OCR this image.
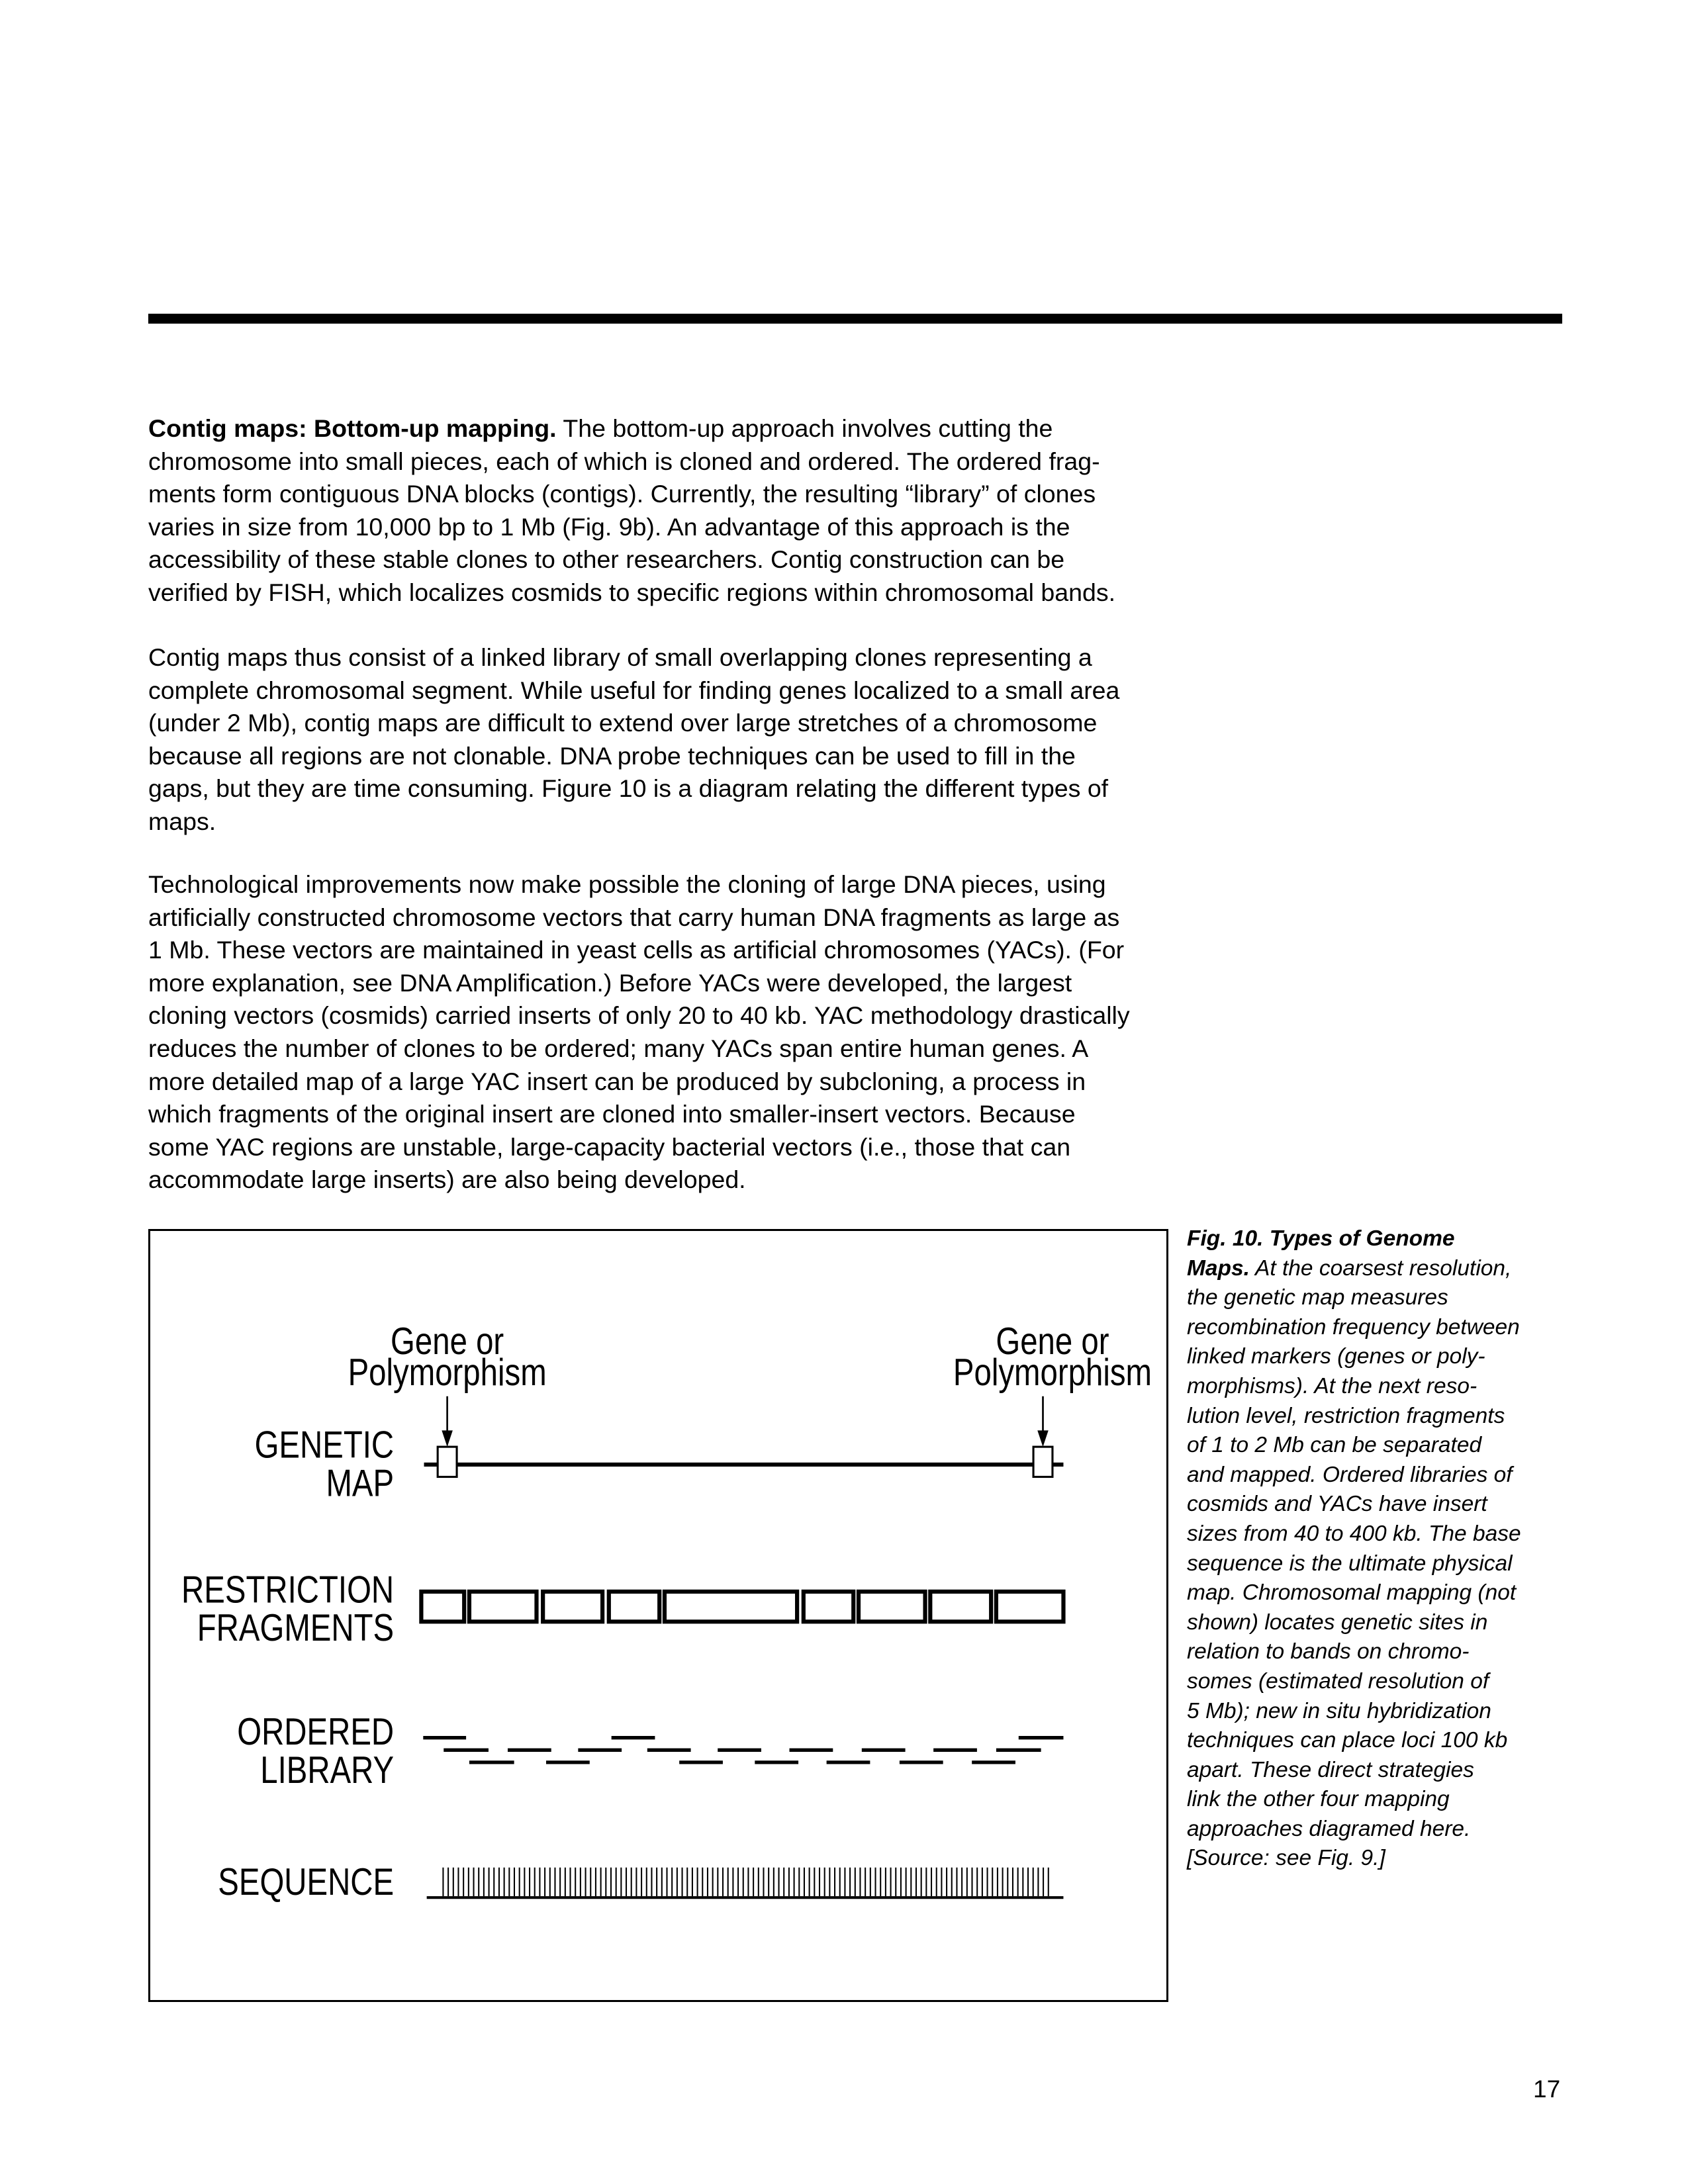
Contig maps: Bottom-up mapping. The bottom-up approach involves cutting the
chromosome into small pieces, each of which is cloned and ordered. The ordered frag-
ments form contiguous DNA blocks (contigs). Currently, the resulting “library” of clones
varies in size from 10,000 bp to 1 Mb (Fig. 9b). An advantage of this approach is the
accessibility of these stable clones to other researchers. Contig construction can be
verified by FISH, which localizes cosmids to specific regions within chromosomal bands.
Contig maps thus consist of a linked library of small overlapping clones representing a
complete chromosomal segment. While useful for finding genes localized to a small area
(under 2 Mb), contig maps are difficult to extend over large stretches of a chromosome
because all regions are not clonable. DNA probe techniques can be used to fill in the
gaps, but they are time consuming. Figure 10 is a diagram relating the different types of
maps.
Technological improvements now make possible the cloning of large DNA pieces, using
artificially constructed chromosome vectors that carry human DNA fragments as large as
1 Mb. These vectors are maintained in yeast cells as artificial chromosomes (YACs). (For
more explanation, see DNA Amplification.) Before YACs were developed, the largest
cloning vectors (cosmids) carried inserts of only 20 to 40 kb. YAC methodology drastically
reduces the number of clones to be ordered; many YACs span entire human genes. A
more detailed map of a large YAC insert can be produced by subcloning, a process in
which fragments of the original insert are cloned into smaller-insert vectors. Because
some YAC regions are unstable, large-capacity bacterial vectors (i.e., those that can
accommodate large inserts) are also being developed.
Gene or
Polymorphism
Gene or
Polymorphism
GENETIC
MAP
RESTRICTION
FRAGMENTS
ORDERED
LIBRARY
SEQUENCE
Fig. 10. Types of Genome
Maps. At the coarsest resolution,
the genetic map measures
recombination frequency between
linked markers (genes or poly-
morphisms). At the next reso-
lution level, restriction fragments
of 1 to 2 Mb can be separated
and mapped. Ordered libraries of
cosmids and YACs have insert
sizes from 40 to 400 kb. The base
sequence is the ultimate physical
map. Chromosomal mapping (not
shown) locates genetic sites in
relation to bands on chromo-
somes (estimated resolution of
5 Mb); new in situ hybridization
techniques can place loci 100 kb
apart. These direct strategies
link the other four mapping
approaches diagramed here.
[Source: see Fig. 9.]
17
